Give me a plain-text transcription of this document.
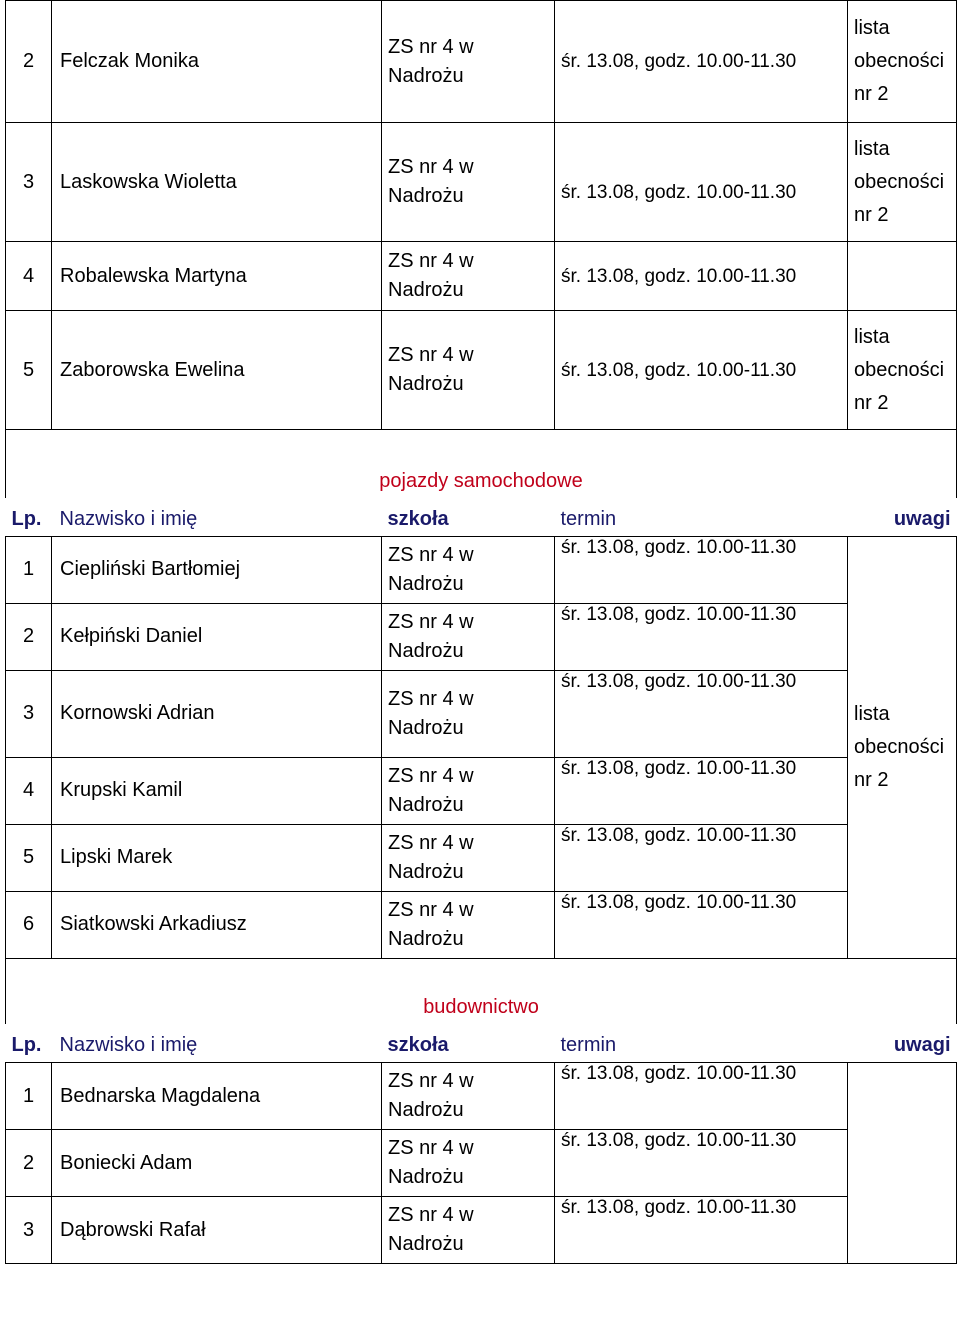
2	Felczak Monika	ZS nr 4 w Nadrożu	śr. 13.08, godz. 10.00-11.30	lista obecności nr 2
3	Laskowska Wioletta	ZS nr 4 w Nadrożu	śr. 13.08, godz. 10.00-11.30	lista obecności nr 2
4	Robalewska Martyna	ZS nr 4 w Nadrożu	śr. 13.08, godz. 10.00-11.30	
5	Zaborowska Ewelina	ZS nr 4 w Nadrożu	śr. 13.08, godz. 10.00-11.30	lista obecności nr 2
pojazdy samochodowe				
Lp.	Nazwisko i imię	szkoła	termin	uwagi
1	Ciepliński Bartłomiej	ZS nr 4 w Nadrożu	śr. 13.08, godz. 10.00-11.30	lista obecności nr 2
2	Kełpiński Daniel	ZS nr 4 w Nadrożu	śr. 13.08, godz. 10.00-11.30	
3	Kornowski Adrian	ZS nr 4 w Nadrożu	śr. 13.08, godz. 10.00-11.30	
4	Krupski Kamil	ZS nr 4 w Nadrożu	śr. 13.08, godz. 10.00-11.30	
5	Lipski Marek	ZS nr 4 w Nadrożu	śr. 13.08, godz. 10.00-11.30	
6	Siatkowski Arkadiusz	ZS nr 4 w Nadrożu	śr. 13.08, godz. 10.00-11.30	
budownictwo				
Lp.	Nazwisko i imię	szkoła	termin	uwagi
1	Bednarska Magdalena	ZS nr 4 w Nadrożu	śr. 13.08, godz. 10.00-11.30	
2	Boniecki Adam	ZS nr 4 w Nadrożu	śr. 13.08, godz. 10.00-11.30	
3	Dąbrowski Rafał	ZS nr 4 w Nadrożu	śr. 13.08, godz. 10.00-11.30	
